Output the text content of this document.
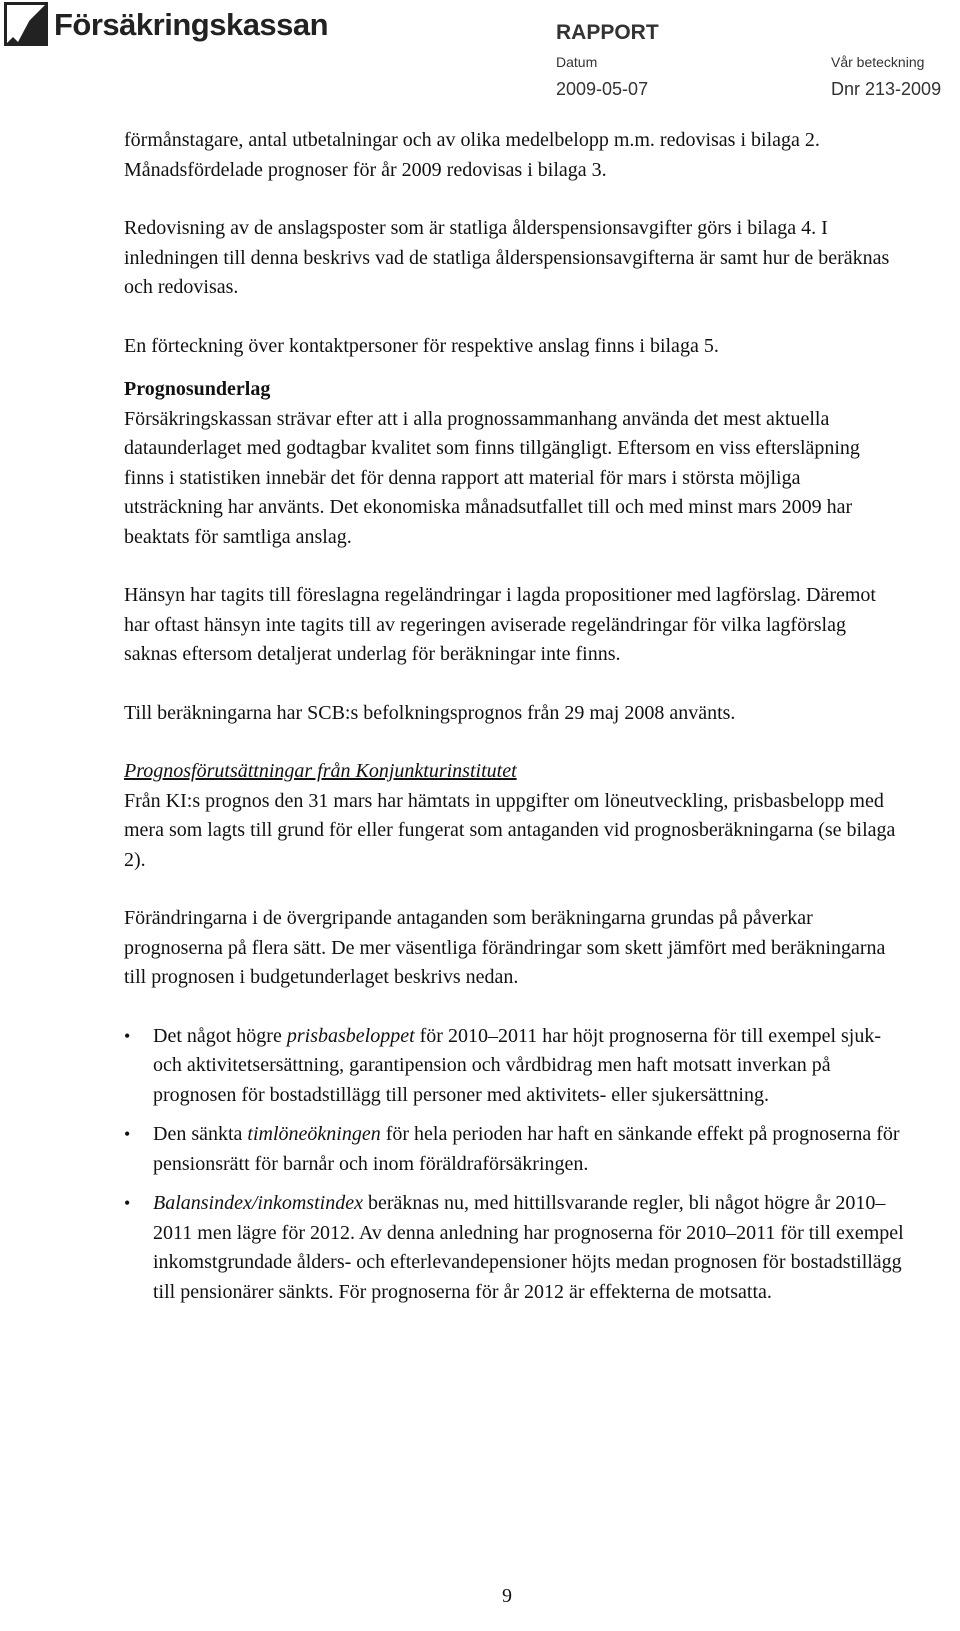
Försäkringskassan	RAPPORT
Datum	Vår beteckning
2009-05-07	Dnr 213-2009

förmånstagare, antal utbetalningar och av olika medelbelopp m.m. redovisas i bilaga 2. Månadsfördelade prognoser för år 2009 redovisas i bilaga 3.

Redovisning av de anslagsposter som är statliga ålderspensionsavgifter görs i bilaga 4. I inledningen till denna beskrivs vad de statliga ålderspensionsavgifterna är samt hur de beräknas och redovisas.

En förteckning över kontaktpersoner för respektive anslag finns i bilaga 5.

Prognosunderlag

Försäkringskassan strävar efter att i alla prognossammanhang använda det mest aktuella dataunderlaget med godtagbar kvalitet som finns tillgängligt. Eftersom en viss eftersläpning finns i statistiken innebär det för denna rapport att material för mars i största möjliga utsträckning har använts. Det ekonomiska månadsutfallet till och med minst mars 2009 har beaktats för samtliga anslag.

Hänsyn har tagits till föreslagna regeländringar i lagda propositioner med lagförslag. Däremot har oftast hänsyn inte tagits till av regeringen aviserade regeländringar för vilka lagförslag saknas eftersom detaljerat underlag för beräkningar inte finns.

Till beräkningarna har SCB:s befolkningsprognos från 29 maj 2008 använts.

Prognosförutsättningar från Konjunkturinstitutet

Från KI:s prognos den 31 mars har hämtats in uppgifter om löneutveckling, prisbasbelopp med mera som lagts till grund för eller fungerat som antaganden vid prognosberäkningarna (se bilaga 2).

Förändringarna i de övergripande antaganden som beräkningarna grundas på påverkar prognoserna på flera sätt. De mer väsentliga förändringar som skett jämfört med beräkningarna till prognosen i budgetunderlaget beskrivs nedan.

• Det något högre prisbasbeloppet för 2010–2011 har höjt prognoserna för till exempel sjuk- och aktivitetsersättning, garantipension och vårdbidrag men haft motsatt inverkan på prognosen för bostadstillägg till personer med aktivitets- eller sjukersättning.
• Den sänkta timlöneökningen för hela perioden har haft en sänkande effekt på prognoserna för pensionsrätt för barnår och inom föräldraförsäkringen.
• Balansindex/inkomstindex beräknas nu, med hittillsvarande regler, bli något högre år 2010–2011 men lägre för 2012. Av denna anledning har prognoserna för 2010–2011 för till exempel inkomstgrundade ålders- och efterlevandepensioner höjts medan prognosen för bostadstillägg till pensionärer sänkts. För prognoserna för år 2012 är effekterna de motsatta.
9
